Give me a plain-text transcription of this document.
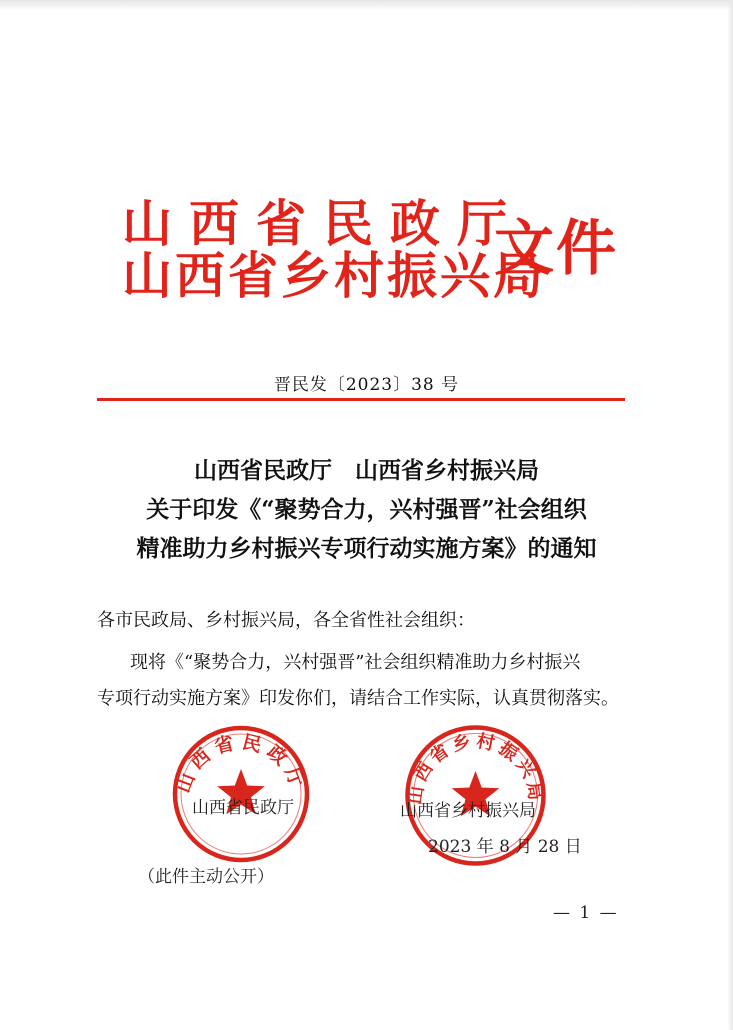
山西省民政厅
山西省乡村振兴局
文件
晋民发〔2023〕38 号
山西省民政厅　山西省乡村振兴局
关于印发《“聚势合力，兴村强晋”社会组织
精准助力乡村振兴专项行动实施方案》的通知
各市民政局、乡村振兴局，各全省性社会组织：
现将《“聚势合力，兴村强晋”社会组织精准助力乡村振兴
专项行动实施方案》印发你们，请结合工作实际，认真贯彻落实。
山西省民政厅	山西省乡村振兴局
山西省民政厅	山西省乡村振兴局
2023 年 8 月 28 日
（此件主动公开）
— 1 —
